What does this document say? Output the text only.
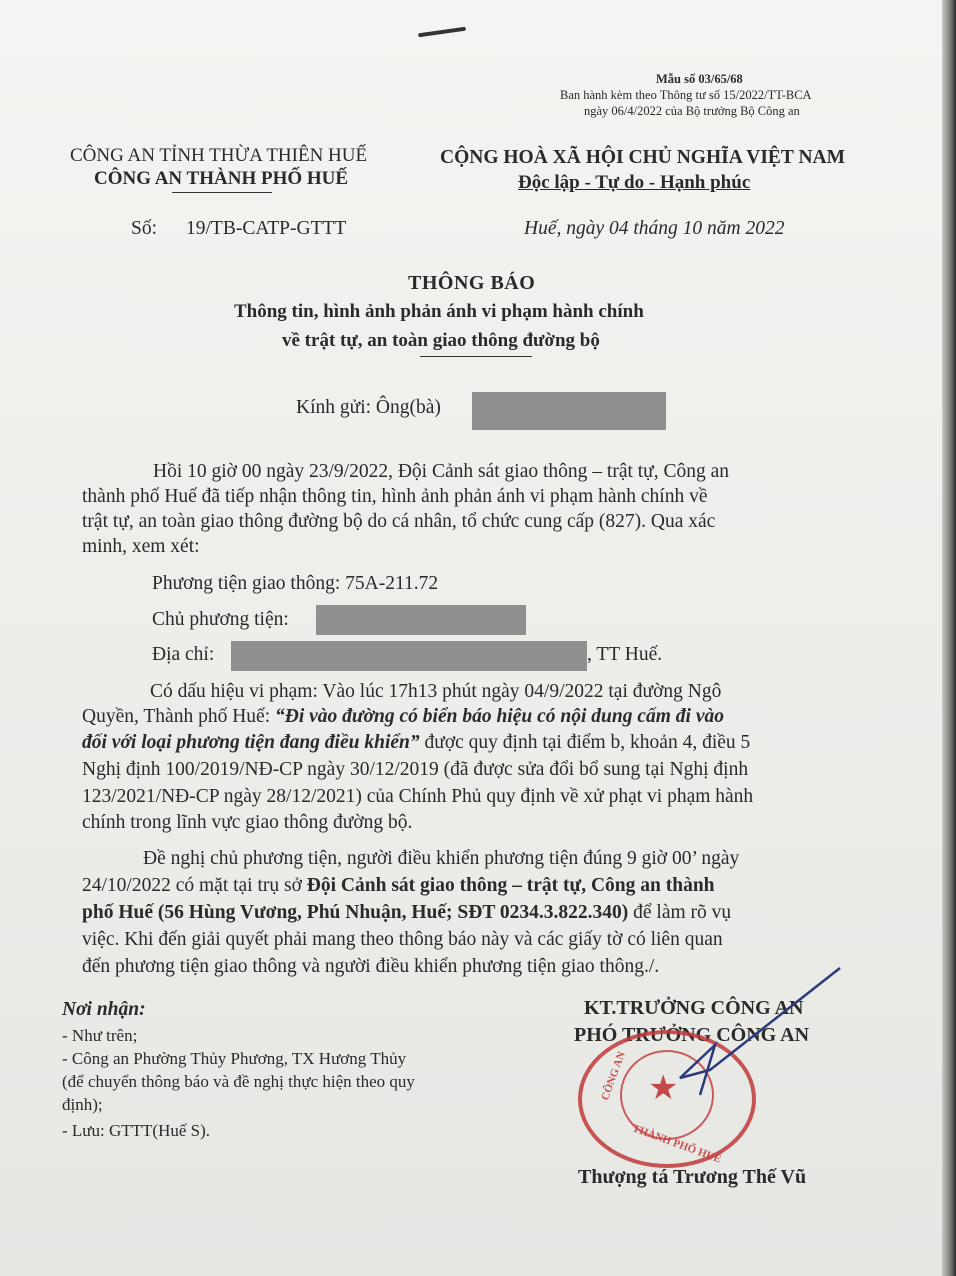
Mẫu số 03/65/68
Ban hành kèm theo Thông tư số 15/2022/TT-BCA
ngày 06/4/2022 của Bộ trưởng Bộ Công an
CÔNG AN TỈNH THỪA THIÊN HUẾ
CÔNG AN THÀNH PHỐ HUẾ
CỘNG HOÀ XÃ HỘI CHỦ NGHĨA VIỆT NAM
Độc lập - Tự do - Hạnh phúc
Số: 19/TB-CATP-GTTT	Huế, ngày 04 tháng 10 năm 2022
THÔNG BÁO
Thông tin, hình ảnh phản ánh vi phạm hành chính
về trật tự, an toàn giao thông đường bộ
Kính gửi: Ông(bà)
Hồi 10 giờ 00 ngày 23/9/2022, Đội Cảnh sát giao thông – trật tự, Công an
thành phố Huế đã tiếp nhận thông tin, hình ảnh phản ánh vi phạm hành chính về
trật tự, an toàn giao thông đường bộ do cá nhân, tổ chức cung cấp (827). Qua xác
minh, xem xét:
Phương tiện giao thông: 75A-211.72
Chủ phương tiện:
Địa chỉ:	, TT Huế.
Có dấu hiệu vi phạm: Vào lúc 17h13 phút ngày 04/9/2022 tại đường Ngô
Quyền, Thành phố Huế: “Đi vào đường có biển báo hiệu có nội dung cấm đi vào
đối với loại phương tiện đang điều khiển” được quy định tại điểm b, khoản 4, điều 5
Nghị định 100/2019/NĐ-CP ngày 30/12/2019 (đã được sửa đổi bổ sung tại Nghị định
123/2021/NĐ-CP ngày 28/12/2021) của Chính Phủ quy định về xử phạt vi phạm hành
chính trong lĩnh vực giao thông đường bộ.
Đề nghị chủ phương tiện, người điều khiển phương tiện đúng 9 giờ 00’ ngày
24/10/2022 có mặt tại trụ sở Đội Cảnh sát giao thông – trật tự, Công an thành
phố Huế (56 Hùng Vương, Phú Nhuận, Huế; SĐT 0234.3.822.340) để làm rõ vụ
việc. Khi đến giải quyết phải mang theo thông báo này và các giấy tờ có liên quan
đến phương tiện giao thông và người điều khiển phương tiện giao thông./.
Nơi nhận:
- Như trên;
- Công an Phường Thủy Phương, TX Hương Thủy
(để chuyển thông báo và đề nghị thực hiện theo quy
định);
- Lưu: GTTT(Huế S).
KT.TRƯỞNG CÔNG AN
PHÓ TRƯỞNG CÔNG AN
★
CÔNG AN
THÀNH PHỐ HUẾ
Thượng tá Trương Thế Vũ
